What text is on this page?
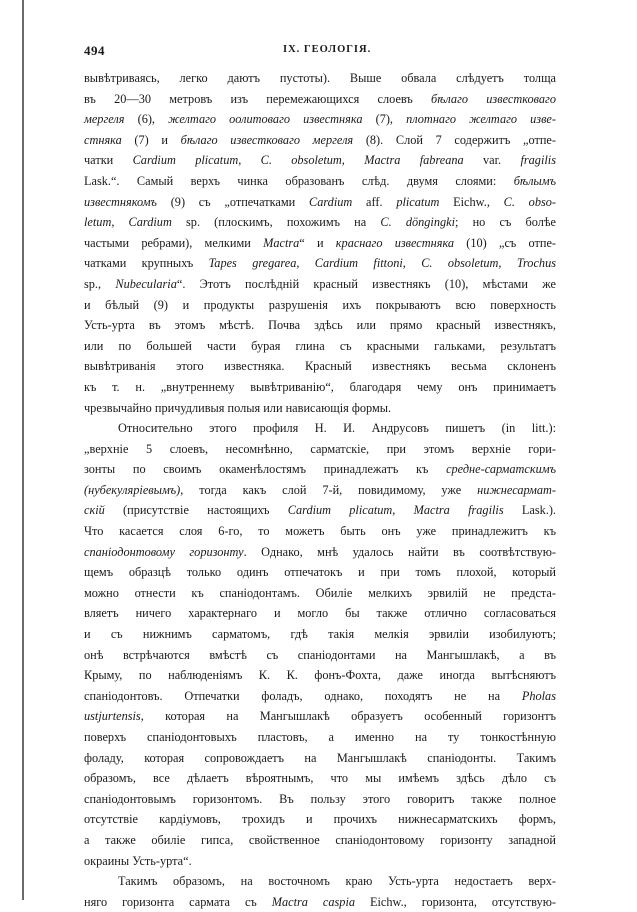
494	IX. ГЕОЛОГІЯ.
вывѣтриваясь, легко даютъ пустоты). Выше обвала слѣдуетъ толща
въ 20—30 метровъ изъ перемежающихся слоевъ бѣлаго известковаго
мергеля (6), желтаго оолитоваго известняка (7), плотнаго желтаго изве-
стняка (7) и бѣлаго известковаго мергеля (8). Слой 7 содержитъ „отпе-
чатки Cardium plicatum, C. obsoletum, Mactra fabreana var. fragilis
Lask.“. Самый верхъ чинка образованъ слѣд. двумя слоями: бѣлымъ
известнякомъ (9) съ „отпечатками Cardium aff. plicatum Eichw., C. obso-
letum, Cardium sp. (плоскимъ, похожимъ на C. döngingki; но съ болѣе
частыми ребрами), мелкими Mactra“ и краснаго известняка (10) „съ отпе-
чатками крупныхъ Tapes gregarea, Cardium fittoni, C. obsoletum, Trochus
sp., Nubecularia“. Этотъ послѣдній красный известнякъ (10), мѣстами же
и бѣлый (9) и продукты разрушенія ихъ покрываютъ всю поверхность
Усть-урта въ этомъ мѣстѣ. Почва здѣсь или прямо красный известнякъ,
или по большей части бурая глина съ красными гальками, результатъ
вывѣтриванія этого известняка. Красный известнякъ весьма склоненъ
къ т. н. „внутреннему вывѣтриванію“, благодаря чему онъ принимаетъ
чрезвычайно причудливыя полыя или нависающія формы.
Относительно этого профиля Н. И. Андрусовъ пишетъ (in litt.):
„верхніе 5 слоевъ, несомнѣнно, сарматскіе, при этомъ верхніе гори-
зонты по своимъ окаменѣлостямъ принадлежатъ къ средне-сарматскимъ
(нубекуляріевымъ), тогда какъ слой 7-й, повидимому, уже нижнесармат-
скій (присутствіе настоящихъ Cardium plicatum, Mactra fragilis Lask.).
Что касается слоя 6-го, то можетъ быть онъ уже принадлежитъ къ
спаніодонтовому горизонту. Однако, мнѣ удалось найти въ соотвѣтствую-
щемъ образцѣ только одинъ отпечатокъ и при томъ плохой, который
можно отнести къ спаніодонтамъ. Обиліе мелкихъ эрвилій не предста-
вляетъ ничего характернаго и могло бы также отлично согласоваться
и съ нижнимъ сарматомъ, гдѣ такія мелкія эрвиліи изобилуютъ;
онѣ встрѣчаются вмѣстѣ съ спаніодонтами на Мангышлакѣ, а въ
Крыму, по наблюденіямъ К. К. фонъ-Фохта, даже иногда вытѣсняютъ
спаніодонтовъ. Отпечатки фоладъ, однако, походятъ не на Pholas
ustjurtensis, которая на Мангышлакѣ образуетъ особенный горизонтъ
поверхъ спаніодонтовыхъ пластовъ, а именно на ту тонкостѣнную
фоладу, которая сопровождаетъ на Мангышлакѣ спаніодонты. Такимъ
образомъ, все дѣлаетъ вѣроятнымъ, что мы имѣемъ здѣсь дѣло съ
спаніодонтовымъ горизонтомъ. Въ пользу этого говоритъ также полное
отсутствіе кардіумовъ, трохидъ и прочихъ нижнесарматскихъ формъ,
а также обиліе гипса, свойственное спаніодонтовому горизонту западной
окраины Усть-урта“.
Такимъ образомъ, на восточномъ краю Усть-урта недостаетъ верх-
няго горизонта сармата съ Mactra caspia Eichw., горизонта, отсутствую-
